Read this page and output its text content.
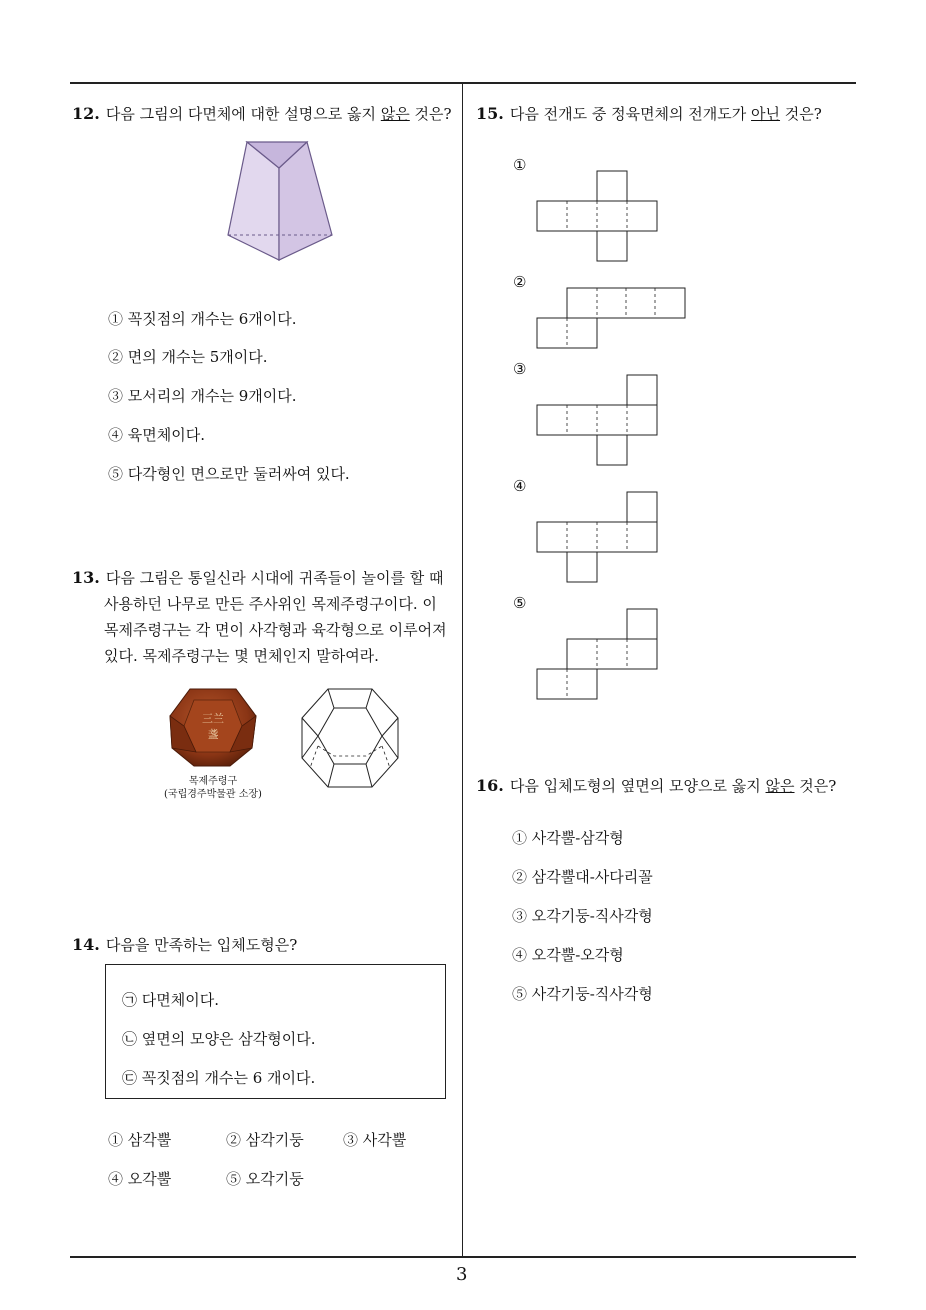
12. 다음 그림의 다면체에 대한 설명으로 옳지 않은 것은?
① 꼭짓점의 개수는 6개이다.
② 면의 개수는 5개이다.
③ 모서리의 개수는 9개이다.
④ 육면체이다.
⑤ 다각형인 면으로만 둘러싸여 있다.
13. 다음 그림은 통일신라 시대에 귀족들이 놀이를 할 때
사용하던 나무로 만든 주사위인 목제주령구이다. 이
목제주령구는 각 면이 사각형과 육각형으로 이루어져
있다. 목제주령구는 몇 면체인지 말하여라.
三兰
盞
목제주령구
(국립경주박물관 소장)
14. 다음을 만족하는 입체도형은?
㉠ 다면체이다.
㉡ 옆면의 모양은 삼각형이다.
㉢ 꼭짓점의 개수는 6 개이다.
① 삼각뿔	② 삼각기둥	③ 사각뿔
④ 오각뿔	⑤ 오각기둥
15. 다음 전개도 중 정육면체의 전개도가 아닌 것은?
①
②
③
④
⑤
16. 다음 입체도형의 옆면의 모양으로 옳지 않은 것은?
① 사각뿔-삼각형
② 삼각뿔대-사다리꼴
③ 오각기둥-직사각형
④ 오각뿔-오각형
⑤ 사각기둥-직사각형
3
